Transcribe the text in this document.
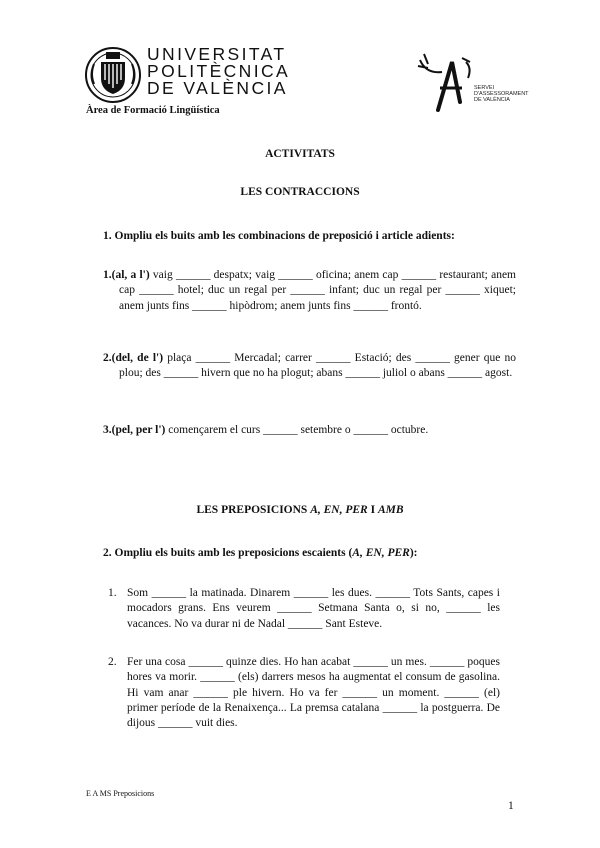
UNIVERSITAT
POLITÈCNICA
DE VALÈNCIA
Àrea de Formació Lingüística
SERVEI
D'ASSESSORAMENT
DE VALÈNCIA
ACTIVITATS
LES CONTRACCIONS
1. Ompliu els buits amb les combinacions de preposició i article adients:
1.(al, a l') vaig ______ despatx; vaig ______ oficina; anem cap ______ restaurant; anem cap ______ hotel; duc un regal per ______ infant; duc un regal per ______ xiquet; anem junts fins ______ hipòdrom; anem junts fins ______ frontó.
2.(del, de l') plaça ______ Mercadal; carrer ______ Estació; des ______ gener que no plou; des ______ hivern que no ha plogut; abans ______ juliol o abans ______ agost.
3.(pel, per l') començarem el curs ______ setembre o ______ octubre.
LES PREPOSICIONS A, EN, PER I AMB
2. Ompliu els buits amb les preposicions escaients (A, EN, PER):
1. Som ______ la matinada. Dinarem ______ les dues. ______ Tots Sants, capes i mocadors grans. Ens veurem ______ Setmana Santa o, si no, ______ les vacances. No va durar ni de Nadal ______ Sant Esteve.
2. Fer una cosa ______ quinze dies. Ho han acabat ______ un mes. ______ poques hores va morir. ______ (els) darrers mesos ha augmentat el consum de gasolina. Hi vam anar ______ ple hivern. Ho va fer ______ un moment. ______ (el) primer període de la Renaixença... La premsa catalana ______ la postguerra. De dijous ______ vuit dies.
E A MS Preposicions
1
